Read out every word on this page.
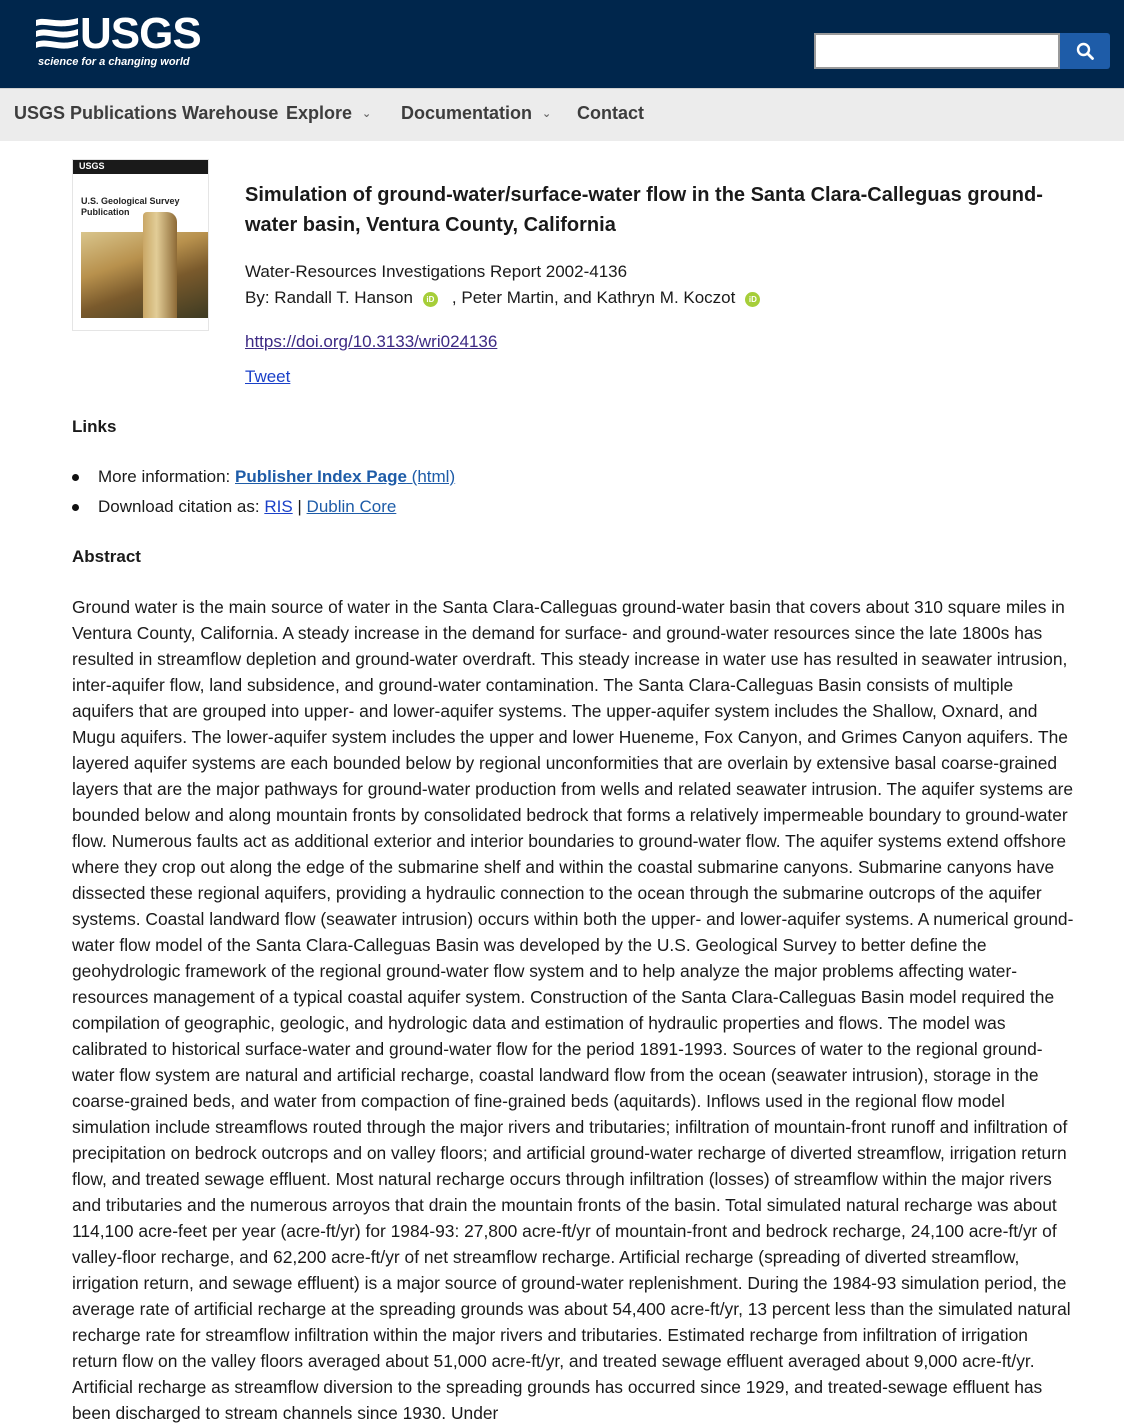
USGS
science for a changing world
USGS Publications Warehouse Explore ⌄ Documentation ⌄ Contact
USGS
U.S. Geological Survey Publication
Simulation of ground-water/surface-water flow in the Santa Clara-Calleguas ground-water basin, Ventura County, California
Water-Resources Investigations Report 2002-4136
By: Randall T. Hanson iD , Peter Martin, and Kathryn M. Koczot iD
https://doi.org/10.3133/wri024136
Tweet
Links
More information: Publisher Index Page (html)
Download citation as: RIS | Dublin Core
Abstract

Ground water is the main source of water in the Santa Clara-Calleguas ground-water basin that covers about 310 square miles in Ventura County, California. A steady increase in the demand for surface- and ground-water resources since the late 1800s has resulted in streamflow depletion and ground-water overdraft. This steady increase in water use has resulted in seawater intrusion, inter-aquifer flow, land subsidence, and ground-water contamination. The Santa Clara-Calleguas Basin consists of multiple aquifers that are grouped into upper- and lower-aquifer systems. The upper-aquifer system includes the Shallow, Oxnard, and Mugu aquifers. The lower-aquifer system includes the upper and lower Hueneme, Fox Canyon, and Grimes Canyon aquifers. The layered aquifer systems are each bounded below by regional unconformities that are overlain by extensive basal coarse-grained layers that are the major pathways for ground-water production from wells and related seawater intrusion. The aquifer systems are bounded below and along mountain fronts by consolidated bedrock that forms a relatively impermeable boundary to ground-water flow. Numerous faults act as additional exterior and interior boundaries to ground-water flow. The aquifer systems extend offshore where they crop out along the edge of the submarine shelf and within the coastal submarine canyons. Submarine canyons have dissected these regional aquifers, providing a hydraulic connection to the ocean through the submarine outcrops of the aquifer systems. Coastal landward flow (seawater intrusion) occurs within both the upper- and lower-aquifer systems. A numerical ground-water flow model of the Santa Clara-Calleguas Basin was developed by the U.S. Geological Survey to better define the geohydrologic framework of the regional ground-water flow system and to help analyze the major problems affecting water-resources management of a typical coastal aquifer system. Construction of the Santa Clara-Calleguas Basin model required the compilation of geographic, geologic, and hydrologic data and estimation of hydraulic properties and flows. The model was calibrated to historical surface-water and ground-water flow for the period 1891-1993. Sources of water to the regional ground-water flow system are natural and artificial recharge, coastal landward flow from the ocean (seawater intrusion), storage in the coarse-grained beds, and water from compaction of fine-grained beds (aquitards). Inflows used in the regional flow model simulation include streamflows routed through the major rivers and tributaries; infiltration of mountain-front runoff and infiltration of precipitation on bedrock outcrops and on valley floors; and artificial ground-water recharge of diverted streamflow, irrigation return flow, and treated sewage effluent. Most natural recharge occurs through infiltration (losses) of streamflow within the major rivers and tributaries and the numerous arroyos that drain the mountain fronts of the basin. Total simulated natural recharge was about 114,100 acre-feet per year (acre-ft/yr) for 1984-93: 27,800 acre-ft/yr of mountain-front and bedrock recharge, 24,100 acre-ft/yr of valley-floor recharge, and 62,200 acre-ft/yr of net streamflow recharge. Artificial recharge (spreading of diverted streamflow, irrigation return, and sewage effluent) is a major source of ground-water replenishment. During the 1984-93 simulation period, the average rate of artificial recharge at the spreading grounds was about 54,400 acre-ft/yr, 13 percent less than the simulated natural recharge rate for streamflow infiltration within the major rivers and tributaries. Estimated recharge from infiltration of irrigation return flow on the valley floors averaged about 51,000 acre-ft/yr, and treated sewage effluent averaged about 9,000 acre-ft/yr. Artificial recharge as streamflow diversion to the spreading grounds has occurred since 1929, and treated-sewage effluent has been discharged to stream channels since 1930. Under
